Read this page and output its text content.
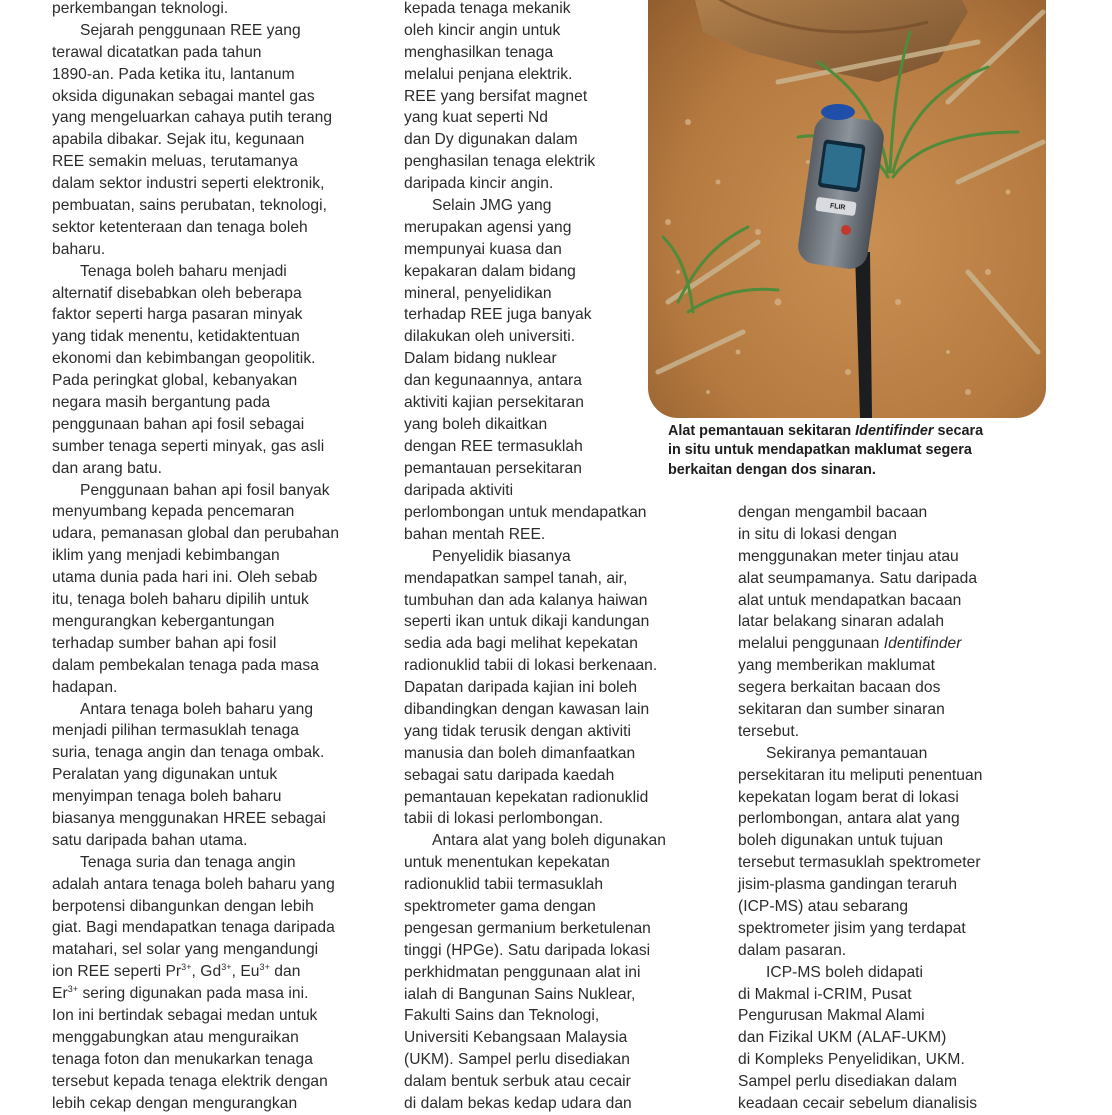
perkembangan teknologi.
Sejarah penggunaan REE yang
terawal dicatatkan pada tahun
1890-an. Pada ketika itu, lantanum
oksida digunakan sebagai mantel gas
yang mengeluarkan cahaya putih terang
apabila dibakar. Sejak itu, kegunaan
REE semakin meluas, terutamanya
dalam sektor industri seperti elektronik,
pembuatan, sains perubatan, teknologi,
sektor ketenteraan dan tenaga boleh
baharu.
Tenaga boleh baharu menjadi
alternatif disebabkan oleh beberapa
faktor seperti harga pasaran minyak
yang tidak menentu, ketidaktentuan
ekonomi dan kebimbangan geopolitik.
Pada peringkat global, kebanyakan
negara masih bergantung pada
penggunaan bahan api fosil sebagai
sumber tenaga seperti minyak, gas asli
dan arang batu.
Penggunaan bahan api fosil banyak
menyumbang kepada pencemaran
udara, pemanasan global dan perubahan
iklim yang menjadi kebimbangan
utama dunia pada hari ini. Oleh sebab
itu, tenaga boleh baharu dipilih untuk
mengurangkan kebergantungan
terhadap sumber bahan api fosil
dalam pembekalan tenaga pada masa
hadapan.
Antara tenaga boleh baharu yang
menjadi pilihan termasuklah tenaga
suria, tenaga angin dan tenaga ombak.
Peralatan yang digunakan untuk
menyimpan tenaga boleh baharu
biasanya menggunakan HREE sebagai
satu daripada bahan utama.
Tenaga suria dan tenaga angin
adalah antara tenaga boleh baharu yang
berpotensi dibangunkan dengan lebih
giat. Bagi mendapatkan tenaga daripada
matahari, sel solar yang mengandungi
ion REE seperti $Pr^{3+}$, $Gd^{3+}$, $Eu^{3+}$ dan
$Er^{3+}$ sering digunakan pada masa ini.
Ion ini bertindak sebagai medan untuk
menggabungkan atau menguraikan
tenaga foton dan menukarkan tenaga
tersebut kepada tenaga elektrik dengan
lebih cekap dengan mengurangkan
kepada tenaga mekanik
oleh kincir angin untuk
menghasilkan tenaga
melalui penjana elektrik.
REE yang bersifat magnet
yang kuat seperti Nd
dan Dy digunakan dalam
penghasilan tenaga elektrik
daripada kincir angin.
Selain JMG yang
merupakan agensi yang
mempunyai kuasa dan
kepakaran dalam bidang
mineral, penyelidikan
terhadap REE juga banyak
dilakukan oleh universiti.
Dalam bidang nuklear
dan kegunaannya, antara
aktiviti kajian persekitaran
yang boleh dikaitkan
dengan REE termasuklah
pemantauan persekitaran
daripada aktiviti
perlombongan untuk mendapatkan
bahan mentah REE.
Penyelidik biasanya
mendapatkan sampel tanah, air,
tumbuhan dan ada kalanya haiwan
seperti ikan untuk dikaji kandungan
sedia ada bagi melihat kepekatan
radionuklid tabii di lokasi berkenaan.
Dapatan daripada kajian ini boleh
dibandingkan dengan kawasan lain
yang tidak terusik dengan aktiviti
manusia dan boleh dimanfaatkan
sebagai satu daripada kaedah
pemantauan kepekatan radionuklid
tabii di lokasi perlombongan.
Antara alat yang boleh digunakan
untuk menentukan kepekatan
radionuklid tabii termasuklah
spektrometer gama dengan
pengesan germanium berketulenan
tinggi (HPGe). Satu daripada lokasi
perkhidmatan penggunaan alat ini
ialah di Bangunan Sains Nuklear,
Fakulti Sains dan Teknologi,
Universiti Kebangsaan Malaysia
(UKM). Sampel perlu disediakan
dalam bentuk serbuk atau cecair
di dalam bekas kedap udara dan
dengan mengambil bacaan
in situ di lokasi dengan
menggunakan meter tinjau atau
alat seumpamanya. Satu daripada
alat untuk mendapatkan bacaan
latar belakang sinaran adalah
melalui penggunaan Identifinder
yang memberikan maklumat
segera berkaitan bacaan dos
sekitaran dan sumber sinaran
tersebut.
Sekiranya pemantauan
persekitaran itu meliputi penentuan
kepekatan logam berat di lokasi
perlombongan, antara alat yang
boleh digunakan untuk tujuan
tersebut termasuklah spektrometer
jisim-plasma gandingan teraruh
(ICP-MS) atau sebarang
spektrometer jisim yang terdapat
dalam pasaran.
ICP-MS boleh didapati
di Makmal i-CRIM, Pusat
Pengurusan Makmal Alami
dan Fizikal UKM (ALAF-UKM)
di Kompleks Penyelidikan, UKM.
Sampel perlu disediakan dalam
keadaan cecair sebelum dianalisis
FLIR
Alat pemantauan sekitaran Identifinder secara
in situ untuk mendapatkan maklumat segera
berkaitan dengan dos sinaran.
